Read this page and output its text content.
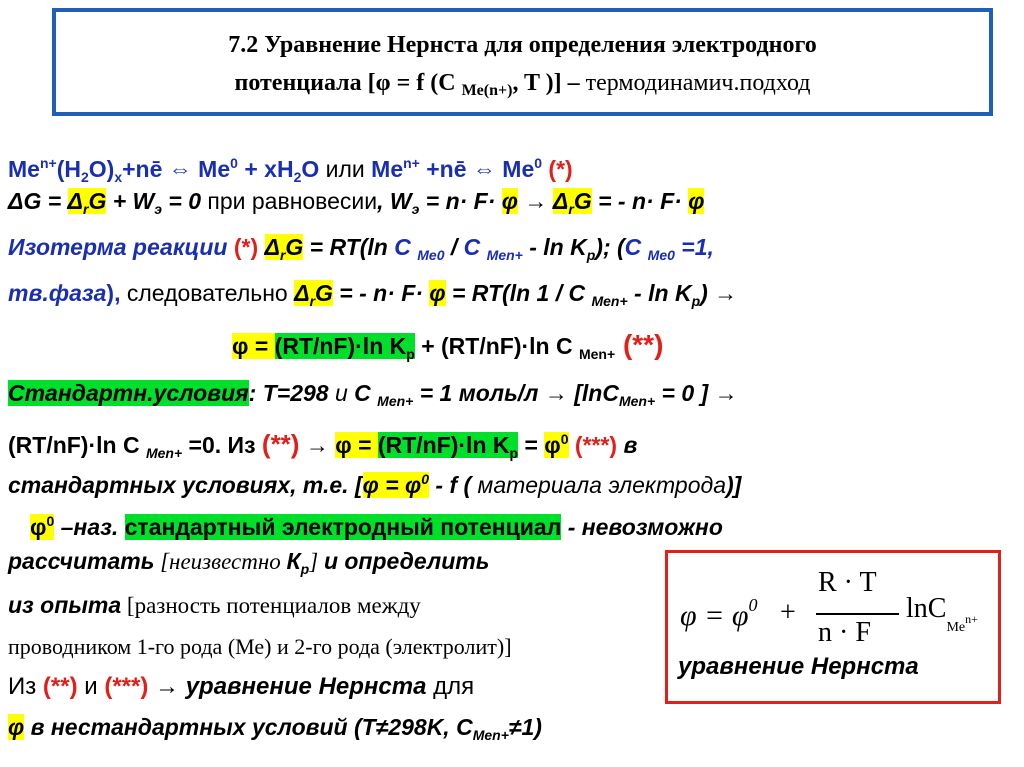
7.2 Уравнение Нернста для определения электродного
потенциала [φ = f (С $_{Me(n+)}$, T )] – термодинамич.подход
$Me^{n+}(H_2O)_x+nē$ ⇔ $Me^0 + xH_2O$ или $Me^{n+}$ +nē ⇔ Me$^0$ (*)
$\Delta G = \Delta_rG + W_э = 0$ при равновесии, $W_э = n\cdot F\cdot \varphi \to \Delta_rG$ = - n· F· φ
Изотерма реакции (*) $\Delta_rG = RT(\ln$ C $_{Me0}$ / C $_{Men+} - \ln K_p$); (C $_{Me0}$ =1,
тв.фаза), следовательно $\Delta_rG$ = - n· F· φ = RT(ln 1 / C $_{Men+} - \ln K_p$) →
φ = (RT/nF)·ln $K_p + (RT/nF)\cdot\ln$ C $_{Men+}$ (**)
Стандартн.условия: T=298 и C $_{Men+}$ = 1 моль/л → [lnC$_{Men+}$ = 0 ] →
(RT/nF)·ln C $_{Men+}$ =0. Из (**) → φ = (RT/nF)·ln $K_p = \varphi^0$ (***) в
стандартных условиях, т.е. [$\varphi = \varphi^0 - f$ ( материала электрода)]
$\varphi^0$ –наз. стандартный электродный потенциал - невозможно
рассчитать [неизвестно $К_р$] и определить
из опыта [разность потенциалов между
проводником 1-го рода (Ме) и 2-го рода (электролит)]
Из (**) и (***) → уравнение Нернста для
φ в нестандартных условий (T≠298K, $C_{Men+}\ne 1$)
$\varphi = \varphi^0$ +
R · T
n · F
lnC$_{Men+}$
уравнение Нернста
